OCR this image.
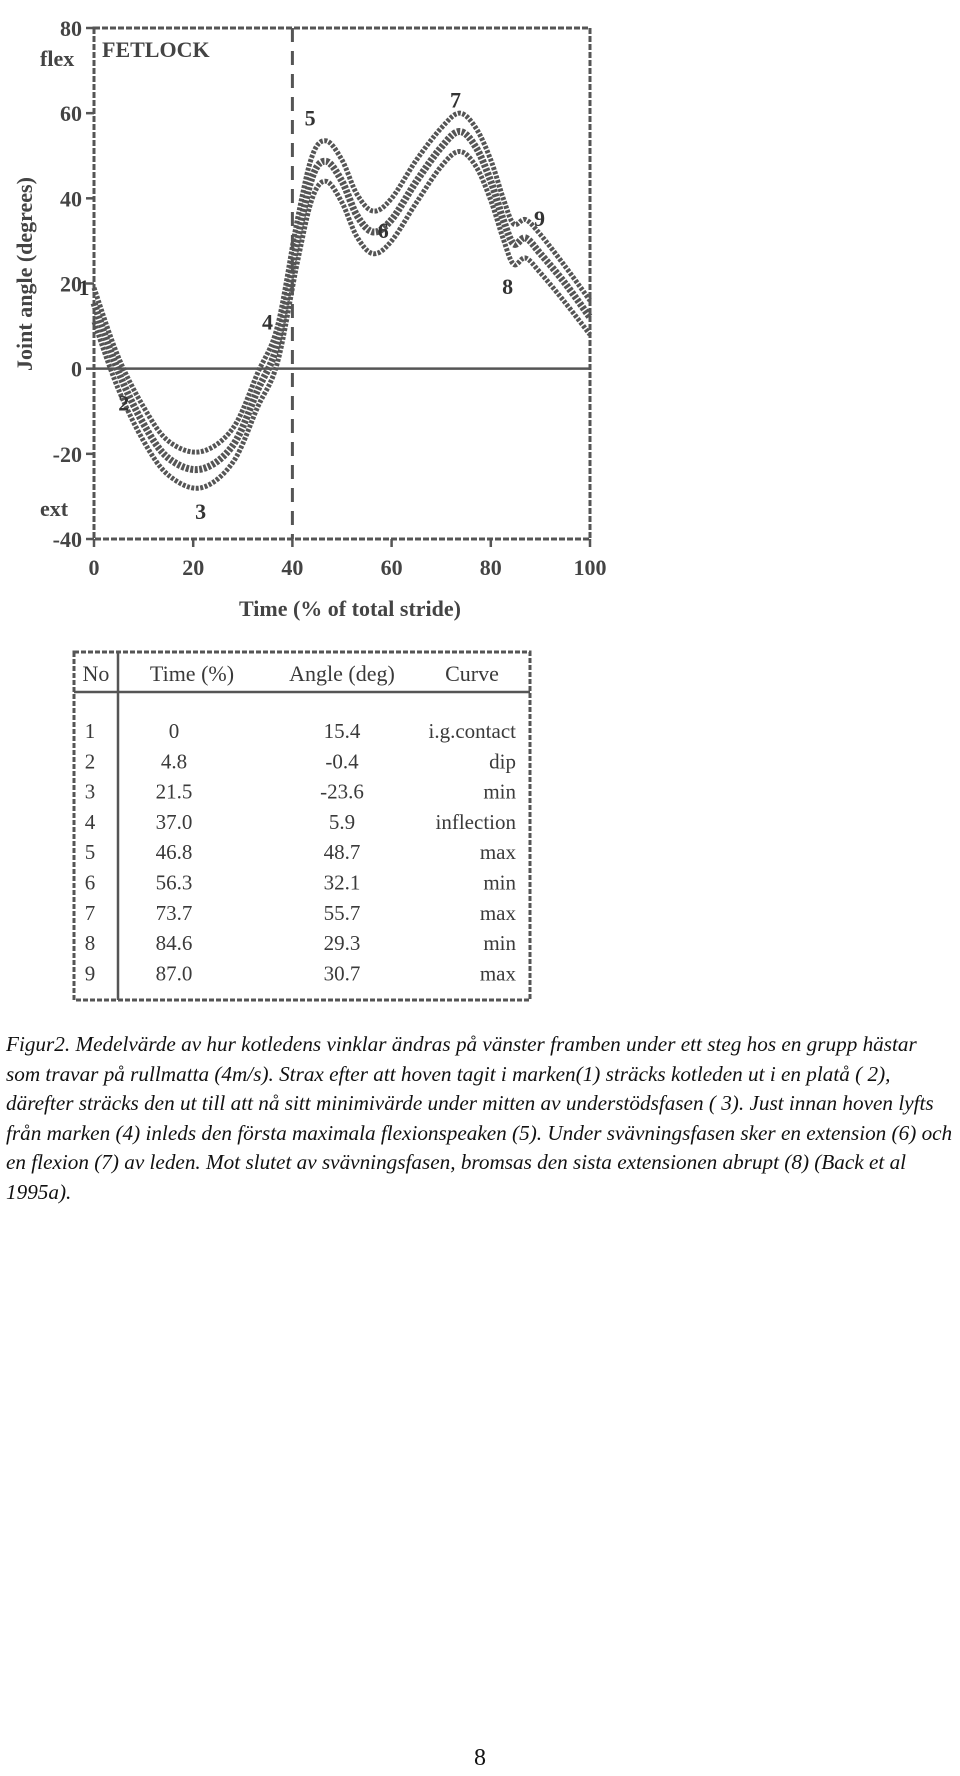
FETLOCK
flex
ext
Joint angle (degrees)
Time (% of total stride)
0	20	40	60	80	100
-40
-20
0
20
40
60
80
1
2
3
4
5
6
7
8
9
No Time (%)	Angle (deg) Curve
1	0	15.4	i.g.contact
2	4.8	-0.4	dip
3	21.5	-23.6	min
4	37.0	5.9	inflection
5	46.8	48.7	max
6	56.3	32.1	min
7	73.7	55.7	max
8	84.6	29.3	min
9	87.0	30.7	max

Figur2. Medelvärde av hur kotledens vinklar ändras på vänster framben under ett steg hos en grupp hästar som travar på rullmatta (4m/s). Strax efter att hoven tagit i marken(1) sträcks kotleden ut i en platå ( 2), därefter sträcks den ut till att nå sitt minimivärde under mitten av understödsfasen ( 3). Just innan hoven lyfts från marken (4) inleds den första maximala flexionspeaken (5). Under svävningsfasen sker en extension (6) och en flexion (7) av leden. Mot slutet av svävningsfasen, bromsas den sista extensionen abrupt (8) (Back et al 1995a).

8
